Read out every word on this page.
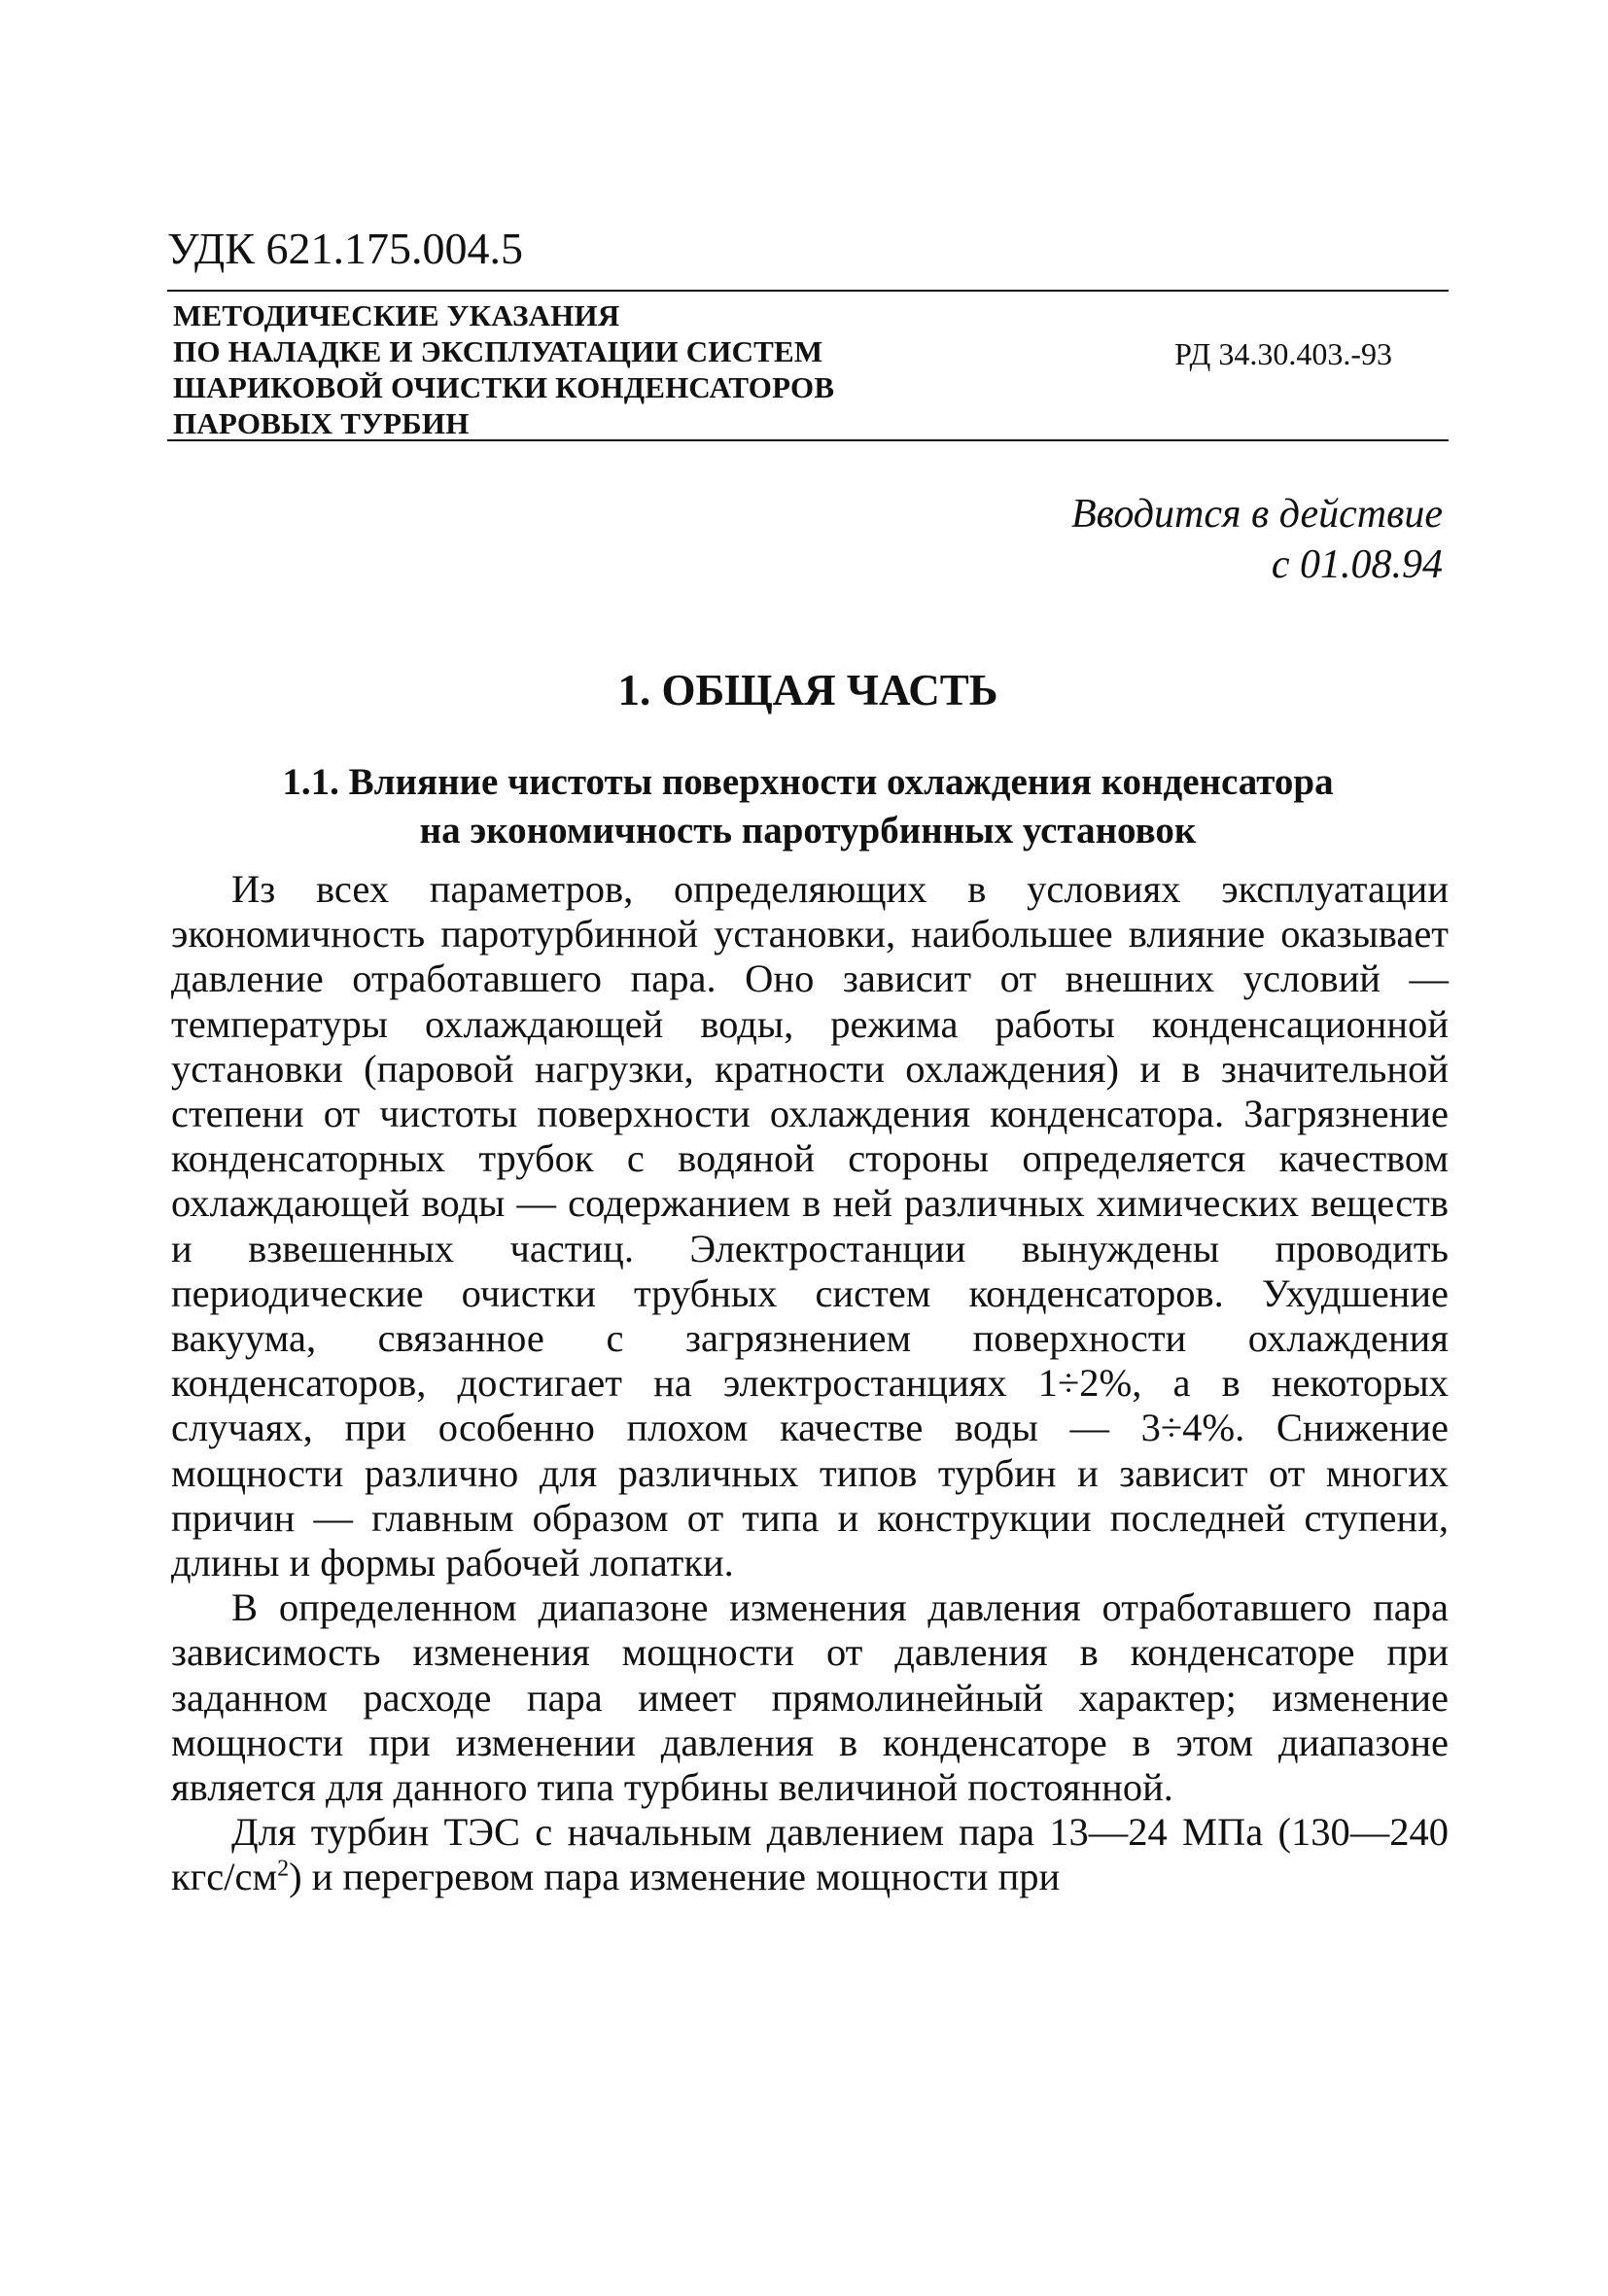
УДК 621.175.004.5
МЕТОДИЧЕСКИЕ УКАЗАНИЯ
ПО НАЛАДКЕ И ЭКСПЛУАТАЦИИ СИСТЕМ
ШАРИКОВОЙ ОЧИСТКИ КОНДЕНСАТОРОВ
ПАРОВЫХ ТУРБИН
РД 34.30.403.-93
Вводится в действие
с 01.08.94
1. ОБЩАЯ ЧАСТЬ
1.1. Влияние чистоты поверхности охлаждения конденсатора
на экономичность паротурбинных установок

Из всех параметров, определяющих в условиях эксплуатации экономичность паротурбинной установки, наибольшее влияние оказывает давление отработавшего пара. Оно зависит от внешних условий — температуры охлаждающей воды, режима работы конденсационной установки (паровой нагрузки, кратности охлаждения) и в значительной степени от чистоты поверхности охлаждения конденсатора. Загрязнение конденсаторных трубок с водяной стороны определяется качеством охлаждающей воды — содержанием в ней различных химических веществ и взвешенных частиц. Электростанции вынуждены проводить периодические очистки трубных систем конденсаторов. Ухудшение вакуума, связанное с загрязнением поверхности охлаждения конденсаторов, достигает на электростанциях 1÷2%, а в некоторых случаях, при особенно плохом качестве воды — 3÷4%. Снижение мощности различно для различных типов турбин и зависит от многих причин — главным образом от типа и конструкции последней ступени, длины и формы рабочей лопатки.

В определенном диапазоне изменения давления отработавшего пара зависимость изменения мощности от давления в конденсаторе при заданном расходе пара имеет прямолинейный характер; изменение мощности при изменении давления в конденсаторе в этом диапазоне является для данного типа турбины величиной постоянной.

Для турбин ТЭС с начальным давлением пара 13—24 МПа (130—240 кгс/$см^2$) и перегревом пара изменение мощности при
